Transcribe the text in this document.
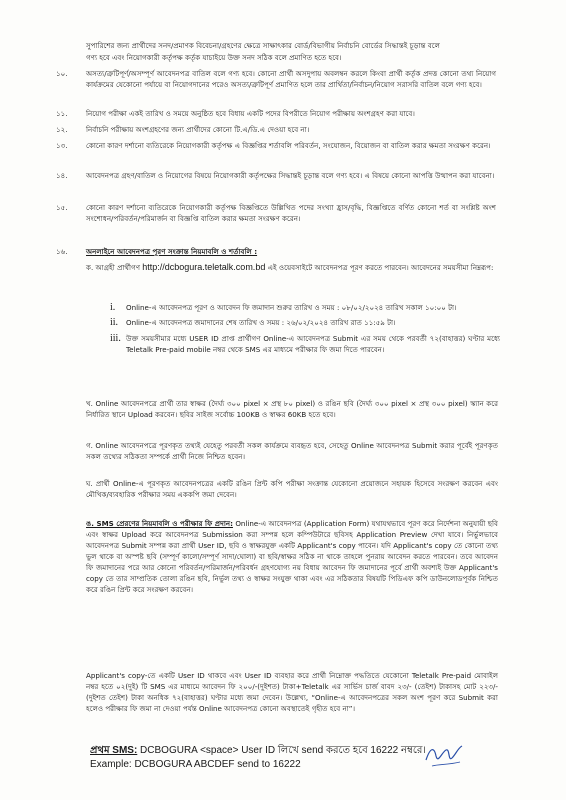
সুপারিশের জন্য প্রার্থীদের সনদ/প্রমাণক বিবেচনা/গ্রহণের ক্ষেত্রে সাক্ষাৎকার বোর্ড/বিভাগীয় নির্বাচনি বোর্ডের সিদ্ধান্তই চূড়ান্ত বলে
গণ্য হবে এবং নিয়োগকারী কর্তৃপক্ষ কর্তৃক যাচাইয়ে উক্ত সনদ সঠিক বলে প্রমাণিত হতে হবে।
১০.	অসত্য/ত্রুটিপূর্ণ/অসম্পূর্ণ আবেদনপত্র বাতিল বলে গণ্য হবে। কোনো প্রার্থী অসদুপায় অবলম্বন করলে কিংবা প্রার্থী কর্তৃক প্রদত্ত কোনো তথ্য নিয়োগ কার্যক্রমের যেকোনো পর্যায়ে বা নিয়োগদানের পরেও অসত্য/ত্রুটিপূর্ণ প্রমাণিত হলে তার প্রার্থিতা/নির্বাচন/নিয়োগ সরাসরি বাতিল বলে গণ্য হবে।
১১.	নিয়োগ পরীক্ষা একই তারিখ ও সময়ে অনুষ্ঠিত হবে বিধায় একটি পদের বিপরীতে নিয়োগ পরীক্ষায় অংশগ্রহণ করা যাবে।
১২.	নির্বাচনি পরীক্ষায় অংশগ্রহণের জন্য প্রার্থীদের কোনো টি.এ/ডি.এ দেওয়া হবে না।
১৩.	কোনো কারণ দর্শানো ব্যতিরেকে নিয়োগকারী কর্তৃপক্ষ এ বিজ্ঞপ্তির শর্তাবলি পরিবর্তন, সংযোজন, বিয়োজন বা বাতিল করার ক্ষমতা সংরক্ষণ করেন।
১৪.	আবেদনপত্র গ্রহণ/বাতিল ও নিয়োগের বিষয়ে নিয়োগকারী কর্তৃপক্ষের সিদ্ধান্তই চূড়ান্ত বলে গণ্য হবে। এ বিষয়ে কোনো আপত্তি উত্থাপন করা যাবেনা।
১৫.	কোনো কারণ দর্শানো ব্যতিরেকে নিয়োগকারী কর্তৃপক্ষ বিজ্ঞপ্তিতে উল্লিখিত পদের সংখ্যা হ্রাস/বৃদ্ধি, বিজ্ঞপ্তিতে বর্ণিত কোনো শর্ত বা সংশ্লিষ্ট অংশ সংশোধন/পরিবর্তন/পরিমার্জন বা বিজ্ঞপ্তি বাতিল করার ক্ষমতা সংরক্ষণ করেন।
১৬.	অনলাইনে আবেদনপত্র পূরণ সংক্রান্ত নিয়মাবলি ও শর্তাবলি :
ক. আগ্রহী প্রার্থীগণ http://dcbogura.teletalk.com.bd এই ওয়েবসাইটে আবেদনপত্র পূরণ করতে পারবেন। আবেদনের সময়সীমা নিম্নরূপ:
i.	Online-এ আবেদনপত্র পূরণ ও আবেদন ফি জমাদান শুরুর তারিখ ও সময় : ০৮/০২/২০২৪ তারিখ সকাল ১০:০০ টা।
ii.	Online-এ আবেদনপত্র জমাদানের শেষ তারিখ ও সময় : ২৬/০২/২০২৪ তারিখ রাত ১১:৫৯ টা।
iii. উক্ত সময়সীমার মধ্যে USER ID প্রাপ্ত প্রার্থীগণ Online-এ আবেদনপত্র Submit এর সময় থেকে পরবর্তী ৭২(বাহাত্তর) ঘণ্টার মধ্যে Teletalk Pre-paid mobile নম্বর থেকে SMS এর মাধ্যমে পরীক্ষার ফি জমা দিতে পারবেন।
খ. Online আবেদনপত্রে প্রার্থী তার স্বাক্ষর (দৈর্ঘ্য ৩০০ pixel × প্রস্থ ৮০ pixel) ও রঙিন ছবি (দৈর্ঘ্য ৩০০ pixel × প্রস্থ ৩০০ pixel) স্ক্যান করে নির্ধারিত স্থানে Upload করবেন। ছবির সাইজ সর্বোচ্চ 100KB ও স্বাক্ষর 60KB হতে হবে।
গ. Online আবেদনপত্রে পূরণকৃত তথ্যই যেহেতু পরবর্তী সকল কার্যক্রমে ব্যবহৃত হবে, সেহেতু Online আবেদনপত্র Submit করার পূর্বেই পূরণকৃত সকল তথ্যের সঠিকতা সম্পর্কে প্রার্থী নিজে নিশ্চিত হবেন।
ঘ. প্রার্থী Online-এ পূরণকৃত আবেদনপত্রের একটি রঙিন প্রিন্ট কপি পরীক্ষা সংক্রান্ত যেকোনো প্রয়োজনে সহায়ক হিসেবে সংরক্ষণ করবেন এবং মৌখিক/ব্যবহারিক পরীক্ষার সময় এককপি জমা দেবেন।
ঙ. SMS প্রেরণের নিয়মাবলি ও পরীক্ষার ফি প্রদান: Online-এ আবেদনপত্র (Application Form) যথাযথভাবে পূরণ করে নির্দেশনা অনুযায়ী ছবি এবং স্বাক্ষর Upload করে আবেদনপত্র Submission করা সম্পন্ন হলে কম্পিউটারে ছবিসহ Application Preview দেখা যাবে। নির্ভুলভাবে আবেদনপত্র Submit সম্পন্ন করা প্রার্থী User ID, ছবি ও স্বাক্ষরযুক্ত একটি Applicant's copy পাবেন। যদি Applicant's copy তে কোনো তথ্য ভুল থাকে বা অস্পষ্ট ছবি (সম্পূর্ণ কালো/সম্পূর্ণ সাদা/ঘোলা) বা ছবি/স্বাক্ষর সঠিক না থাকে তাহলে পুনরায় আবেদন করতে পারবেন। তবে আবেদন ফি জমাদানের পরে আর কোনো পরিবর্তন/পরিমার্জন/পরিবর্ধন গ্রহণযোগ্য নয় বিধায় আবেদন ফি জমাদানের পূর্বে প্রার্থী অবশ্যই উক্ত Applicant's copy তে তার সাম্প্রতিক তোলা রঙিন ছবি, নির্ভুল তথ্য ও স্বাক্ষর সংযুক্ত থাকা এবং এর সঠিকতার বিষয়টি পিডিএফ কপি ডাউনলোডপূর্বক নিশ্চিত করে রঙিন প্রিন্ট করে সংরক্ষণ করবেন।
Applicant's copy-তে একটি User ID থাকবে এবং User ID ব্যবহার করে প্রার্থী নিম্নোক্ত পদ্ধতিতে যেকোনো Teletalk Pre-paid মোবাইল নম্বর হতে ০২(দুই) টি SMS এর মাধ্যমে আবেদন ফি ২০০/-(দুইশত) টাকা+Teletalk এর সার্ভিস চার্জ বাবদ ২৩/- (তেইশ) টাকাসহ মোট ২২৩/-(দুইশত তেইশ) টাকা অনধিক ৭২(বাহাত্তর) ঘণ্টার মধ্যে জমা দেবেন। উল্লেখ্য, “Online-এ আবেদনপত্রের সকল অংশ পূরণ করে Submit করা হলেও পরীক্ষার ফি জমা না দেওয়া পর্যন্ত Online আবেদনপত্র কোনো অবস্থাতেই গৃহীত হবে না”।
প্রথম SMS: DCBOGURA <space> User ID লিখে send করতে হবে 16222 নম্বরে।
Example: DCBOGURA ABCDEF send to 16222
